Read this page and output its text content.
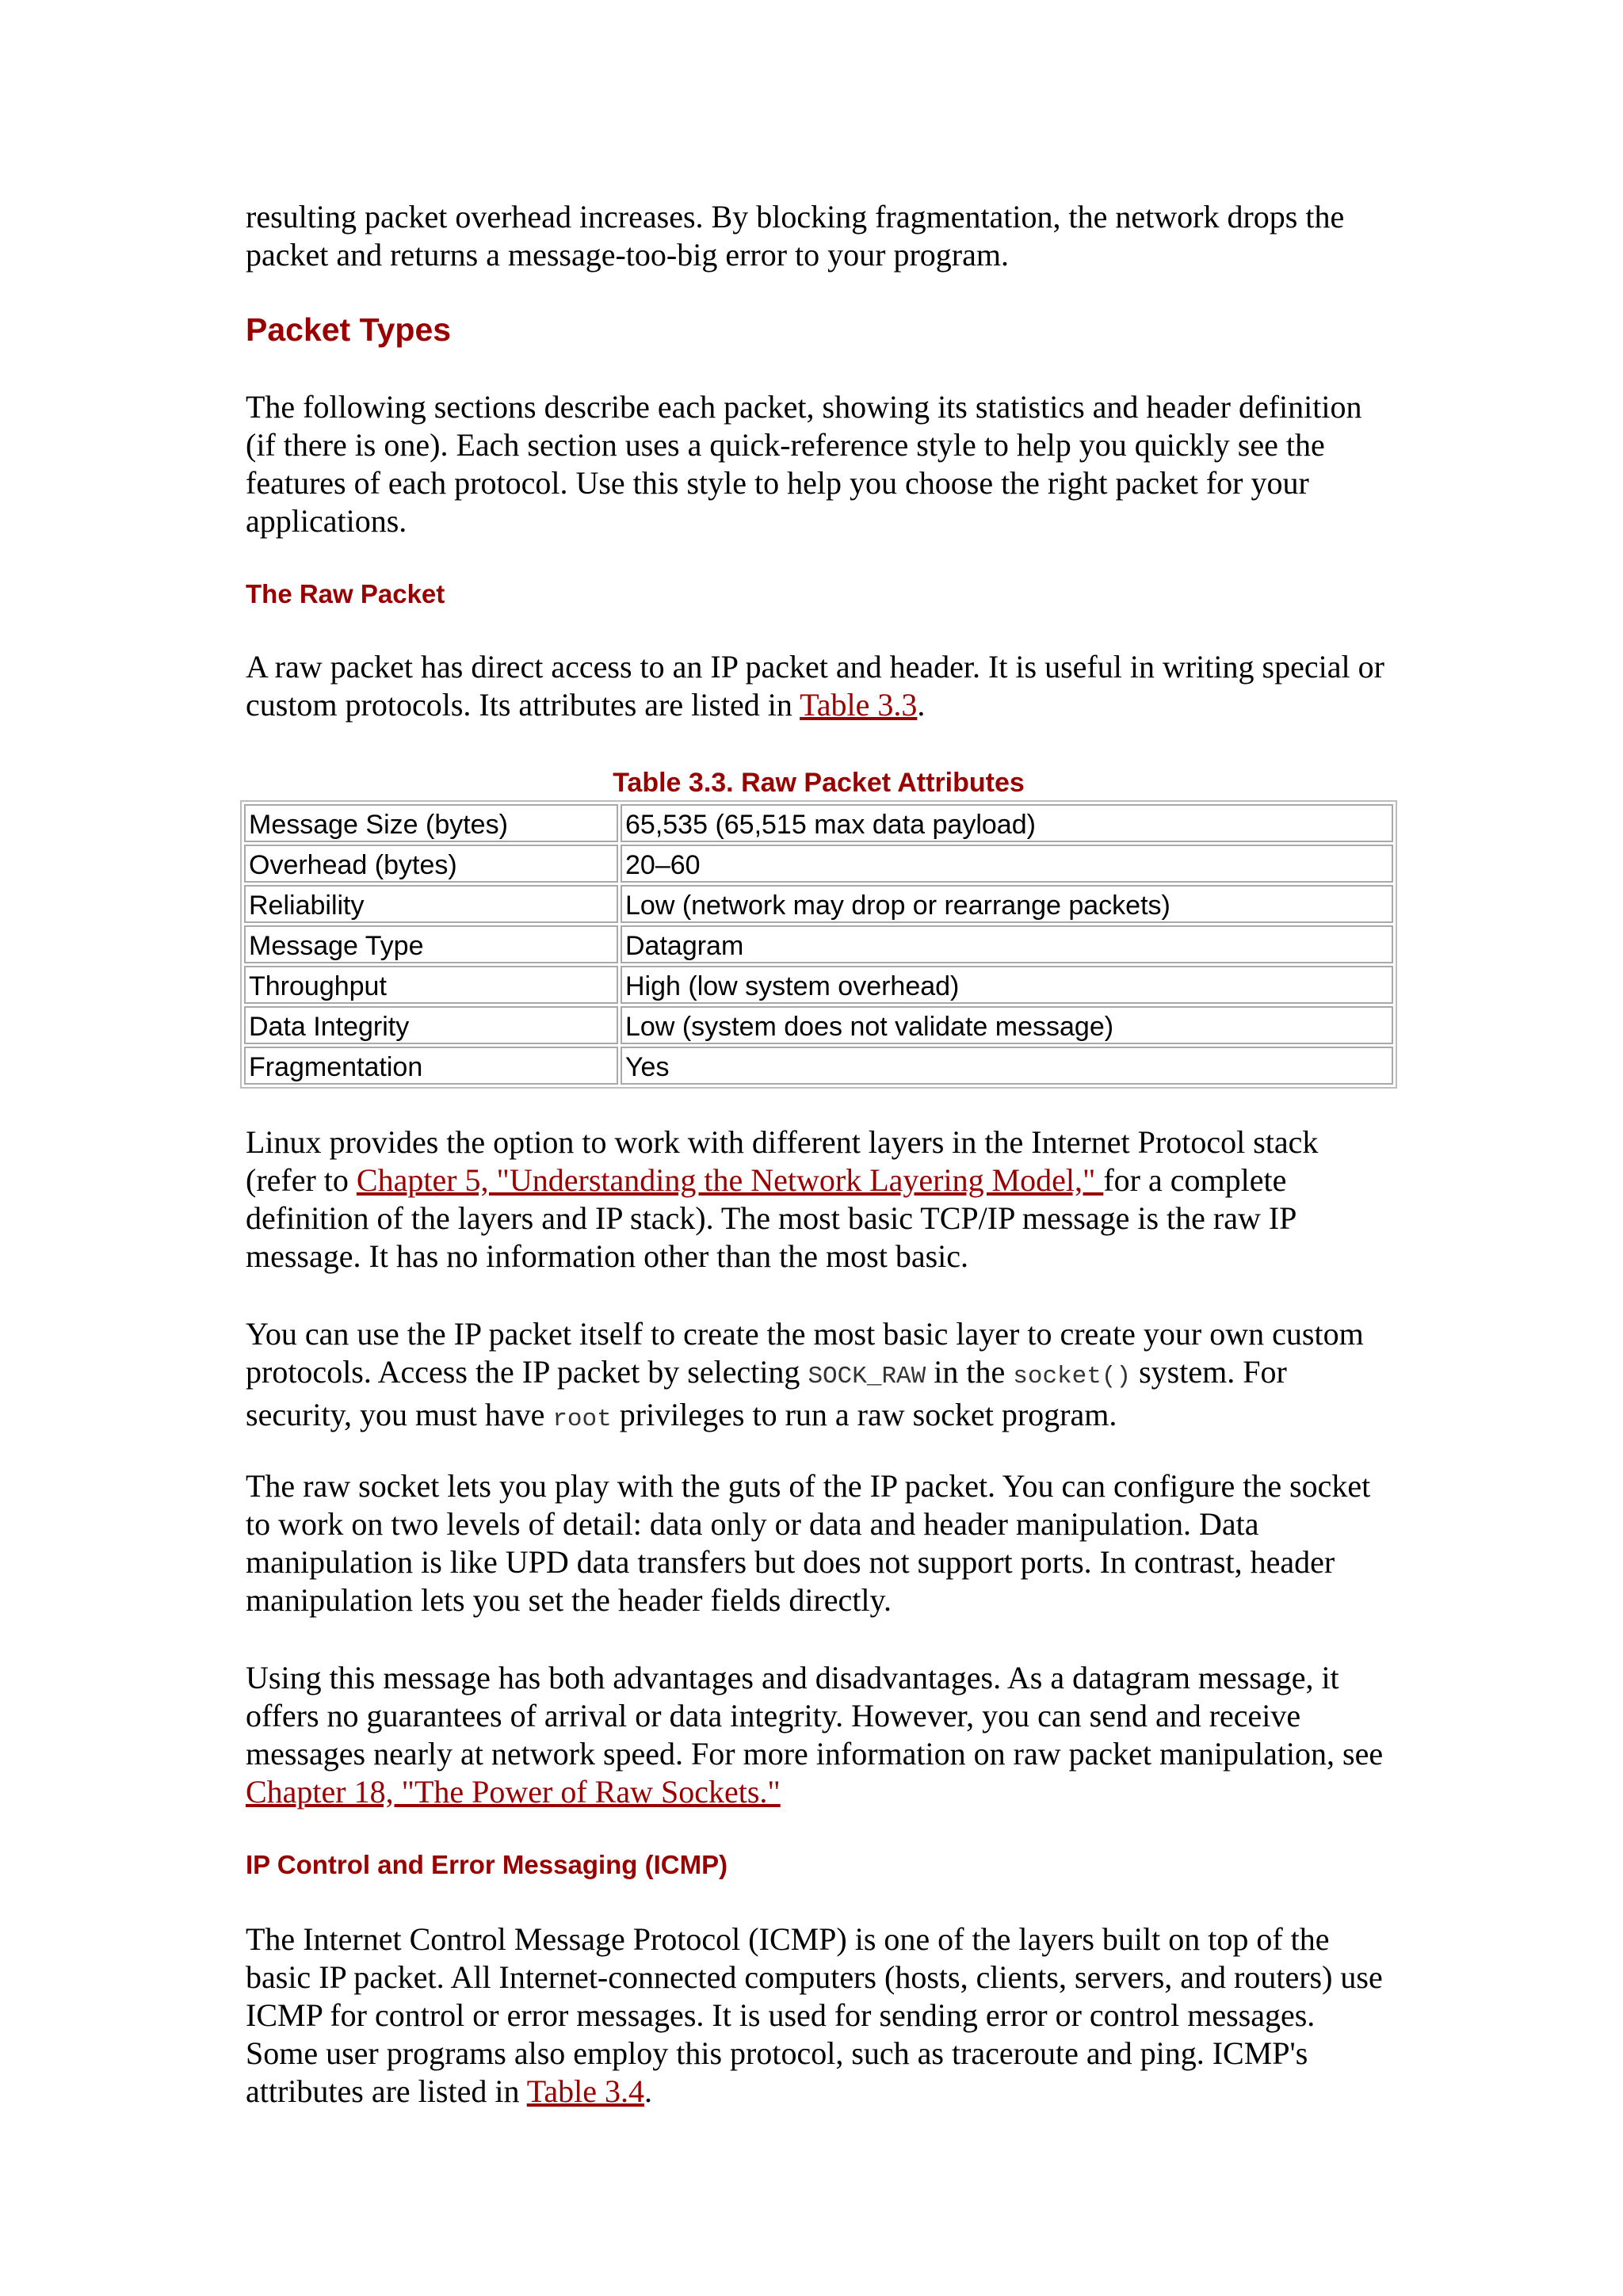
resulting packet overhead increases. By blocking fragmentation, the network drops the packet and returns a message-too-big error to your program.

Packet Types

The following sections describe each packet, showing its statistics and header definition (if there is one). Each section uses a quick-reference style to help you quickly see the features of each protocol. Use this style to help you choose the right packet for your applications.

The Raw Packet

A raw packet has direct access to an IP packet and header. It is useful in writing special or custom protocols. Its attributes are listed in Table 3.3.

Table 3.3. Raw Packet Attributes
Message Size (bytes)	65,535 (65,515 max data payload)
Overhead (bytes)	20–60
Reliability	Low (network may drop or rearrange packets)
Message Type	Datagram
Throughput	High (low system overhead)
Data Integrity	Low (system does not validate message)
Fragmentation	Yes

Linux provides the option to work with different layers in the Internet Protocol stack (refer to Chapter 5, "Understanding the Network Layering Model," for a complete definition of the layers and IP stack). The most basic TCP/IP message is the raw IP message. It has no information other than the most basic.

You can use the IP packet itself to create the most basic layer to create your own custom protocols. Access the IP packet by selecting SOCK_RAW in the socket() system. For security, you must have root privileges to run a raw socket program.

The raw socket lets you play with the guts of the IP packet. You can configure the socket to work on two levels of detail: data only or data and header manipulation. Data manipulation is like UPD data transfers but does not support ports. In contrast, header manipulation lets you set the header fields directly.

Using this message has both advantages and disadvantages. As a datagram message, it offers no guarantees of arrival or data integrity. However, you can send and receive messages nearly at network speed. For more information on raw packet manipulation, see Chapter 18, "The Power of Raw Sockets."

IP Control and Error Messaging (ICMP)

The Internet Control Message Protocol (ICMP) is one of the layers built on top of the basic IP packet. All Internet-connected computers (hosts, clients, servers, and routers) use ICMP for control or error messages. It is used for sending error or control messages. Some user programs also employ this protocol, such as traceroute and ping. ICMP's attributes are listed in Table 3.4.
